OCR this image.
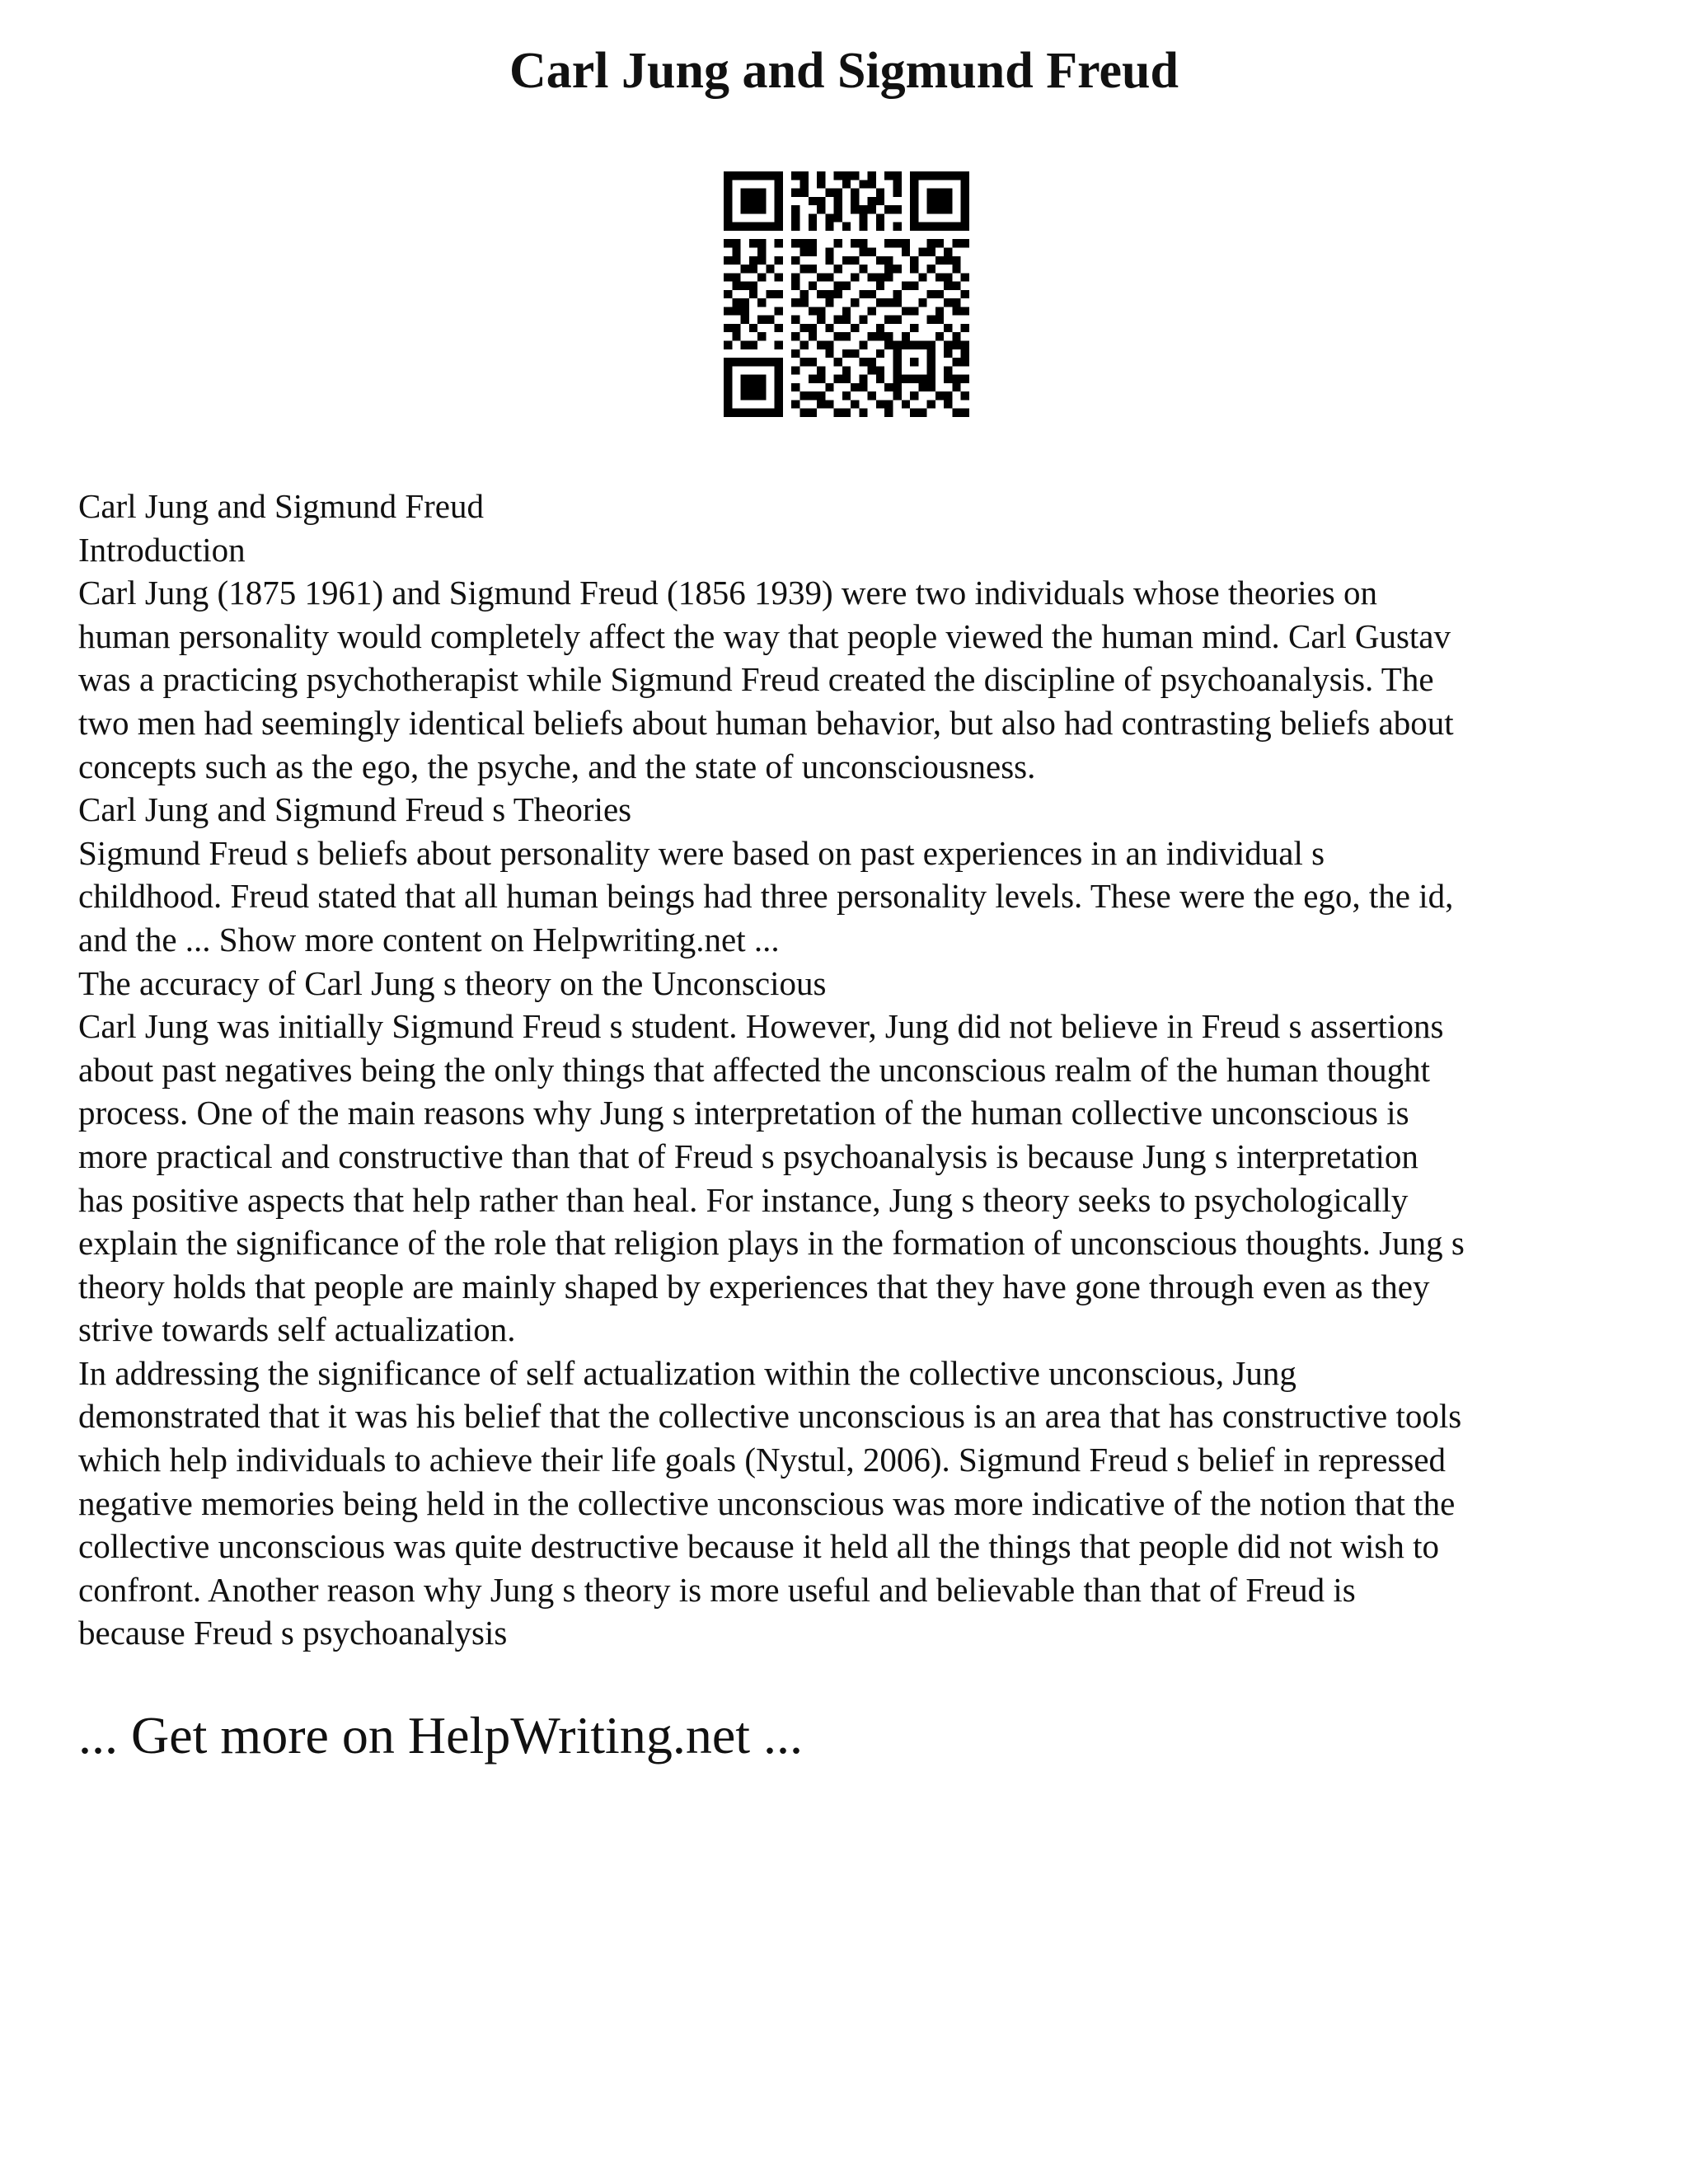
Carl Jung and Sigmund Freud
Carl Jung and Sigmund Freud
Introduction
Carl Jung (1875 1961) and Sigmund Freud (1856 1939) were two individuals whose theories on
human personality would completely affect the way that people viewed the human mind. Carl Gustav
was a practicing psychotherapist while Sigmund Freud created the discipline of psychoanalysis. The
two men had seemingly identical beliefs about human behavior, but also had contrasting beliefs about
concepts such as the ego, the psyche, and the state of unconsciousness.
Carl Jung and Sigmund Freud s Theories
Sigmund Freud s beliefs about personality were based on past experiences in an individual s
childhood. Freud stated that all human beings had three personality levels. These were the ego, the id,
and the ... Show more content on Helpwriting.net ...
The accuracy of Carl Jung s theory on the Unconscious
Carl Jung was initially Sigmund Freud s student. However, Jung did not believe in Freud s assertions
about past negatives being the only things that affected the unconscious realm of the human thought
process. One of the main reasons why Jung s interpretation of the human collective unconscious is
more practical and constructive than that of Freud s psychoanalysis is because Jung s interpretation
has positive aspects that help rather than heal. For instance, Jung s theory seeks to psychologically
explain the significance of the role that religion plays in the formation of unconscious thoughts. Jung s
theory holds that people are mainly shaped by experiences that they have gone through even as they
strive towards self actualization.
In addressing the significance of self actualization within the collective unconscious, Jung
demonstrated that it was his belief that the collective unconscious is an area that has constructive tools
which help individuals to achieve their life goals (Nystul, 2006). Sigmund Freud s belief in repressed
negative memories being held in the collective unconscious was more indicative of the notion that the
collective unconscious was quite destructive because it held all the things that people did not wish to
confront. Another reason why Jung s theory is more useful and believable than that of Freud is
because Freud s psychoanalysis
... Get more on HelpWriting.net ...
